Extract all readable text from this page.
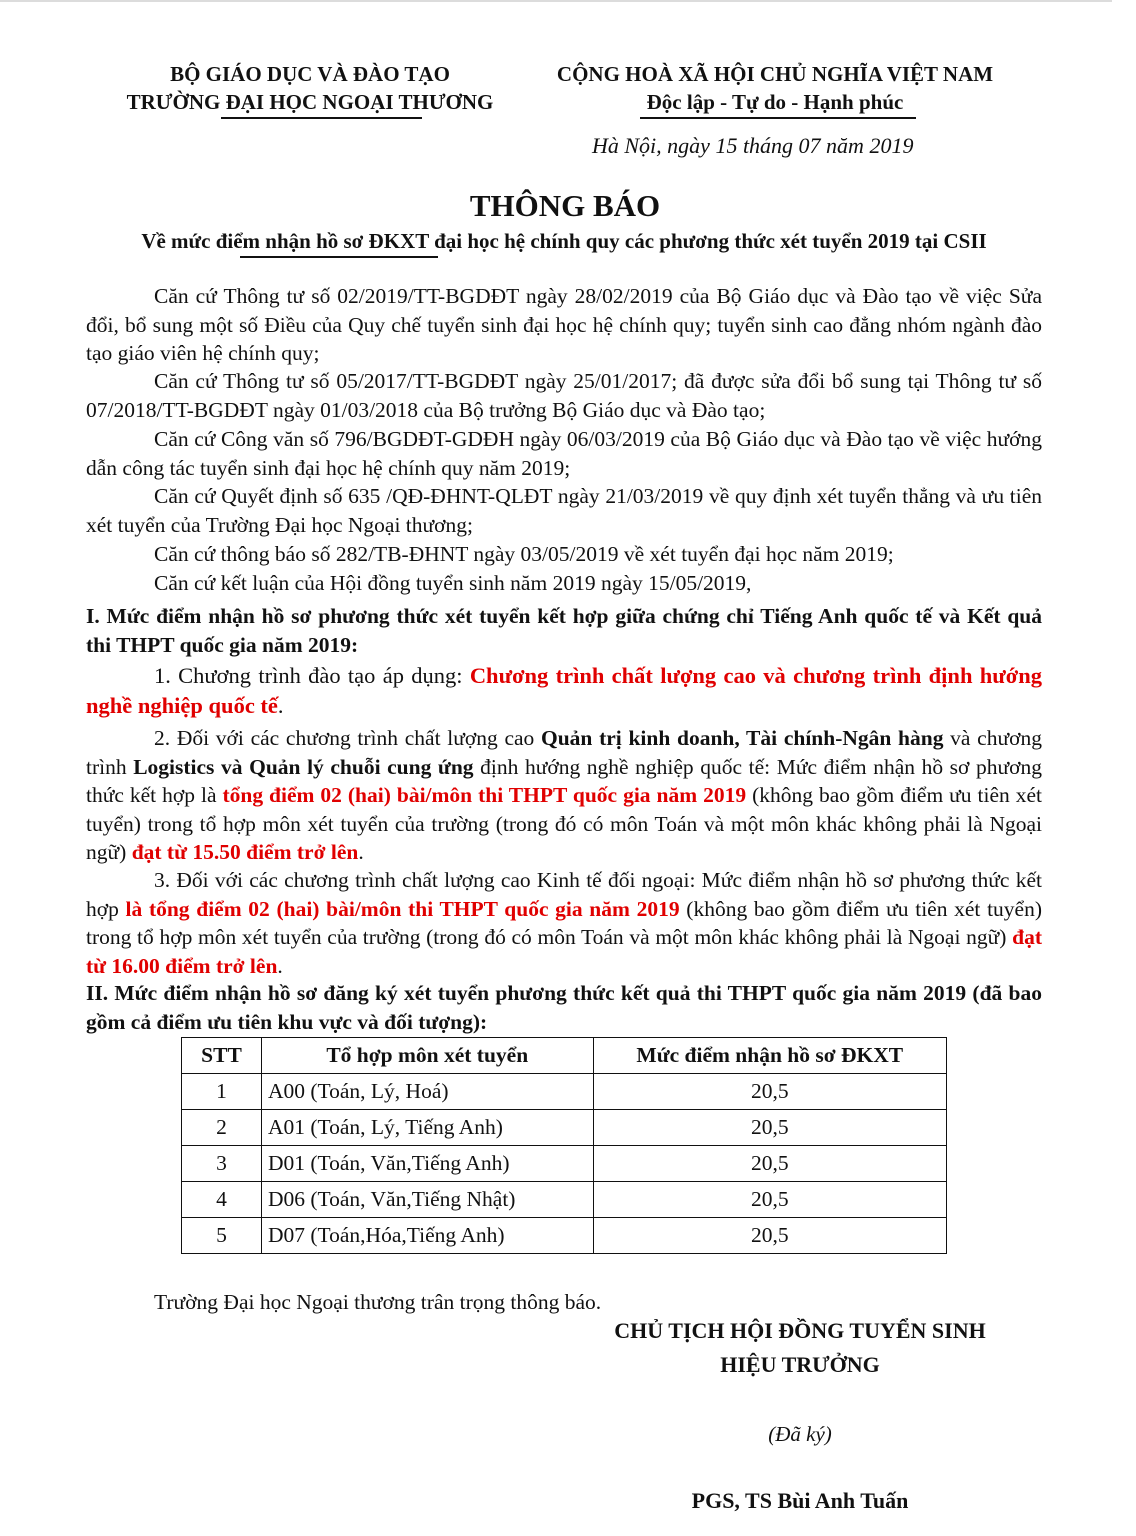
BỘ GIÁO DỤC VÀ ĐÀO TẠO
TRƯỜNG ĐẠI HỌC NGOẠI THƯƠNG
CỘNG HOÀ XÃ HỘI CHỦ NGHĨA VIỆT NAM
Độc lập - Tự do - Hạnh phúc
Hà Nội, ngày 15 tháng 07 năm 2019
THÔNG BÁO
Về mức điểm nhận hồ sơ ĐKXT đại học hệ chính quy các phương thức xét tuyển 2019 tại CSII
Căn cứ Thông tư số 02/2019/TT-BGDĐT ngày 28/02/2019 của Bộ Giáo dục và Đào tạo về việc Sửa đổi, bổ sung một số Điều của Quy chế tuyển sinh đại học hệ chính quy; tuyển sinh cao đẳng nhóm ngành đào tạo giáo viên hệ chính quy;
Căn cứ Thông tư số 05/2017/TT-BGDĐT ngày 25/01/2017; đã được sửa đổi bổ sung tại Thông tư số 07/2018/TT-BGDĐT ngày 01/03/2018 của Bộ trưởng Bộ Giáo dục và Đào tạo;
Căn cứ Công văn số 796/BGDĐT-GDĐH ngày 06/03/2019 của Bộ Giáo dục và Đào tạo về việc hướng dẫn công tác tuyển sinh đại học hệ chính quy năm 2019;
Căn cứ Quyết định số 635 /QĐ-ĐHNT-QLĐT ngày 21/03/2019 về quy định xét tuyển thẳng và ưu tiên xét tuyển của Trường Đại học Ngoại thương;
Căn cứ thông báo số 282/TB-ĐHNT ngày 03/05/2019 về xét tuyển đại học năm 2019;
Căn cứ kết luận của Hội đồng tuyển sinh năm 2019 ngày 15/05/2019,
I. Mức điểm nhận hồ sơ phương thức xét tuyển kết hợp giữa chứng chỉ Tiếng Anh quốc tế và Kết quả thi THPT quốc gia năm 2019:
1. Chương trình đào tạo áp dụng: Chương trình chất lượng cao và chương trình định hướng nghề nghiệp quốc tế.
2. Đối với các chương trình chất lượng cao Quản trị kinh doanh, Tài chính-Ngân hàng và chương trình Logistics và Quản lý chuỗi cung ứng định hướng nghề nghiệp quốc tế: Mức điểm nhận hồ sơ phương thức kết hợp là tổng điểm 02 (hai) bài/môn thi THPT quốc gia năm 2019 (không bao gồm điểm ưu tiên xét tuyển) trong tổ hợp môn xét tuyển của trường (trong đó có môn Toán và một môn khác không phải là Ngoại ngữ) đạt từ 15.50 điểm trở lên.
3. Đối với các chương trình chất lượng cao Kinh tế đối ngoại: Mức điểm nhận hồ sơ phương thức kết hợp là tổng điểm 02 (hai) bài/môn thi THPT quốc gia năm 2019 (không bao gồm điểm ưu tiên xét tuyển) trong tổ hợp môn xét tuyển của trường (trong đó có môn Toán và một môn khác không phải là Ngoại ngữ) đạt từ 16.00 điểm trở lên.
II. Mức điểm nhận hồ sơ đăng ký xét tuyển phương thức kết quả thi THPT quốc gia năm 2019 (đã bao gồm cả điểm ưu tiên khu vực và đối tượng):
STT	Tổ hợp môn xét tuyển	Mức điểm nhận hồ sơ ĐKXT
1	A00 (Toán, Lý, Hoá)	20,5
2	A01 (Toán, Lý, Tiếng Anh)	20,5
3	D01 (Toán, Văn,Tiếng Anh)	20,5
4	D06 (Toán, Văn,Tiếng Nhật)	20,5
5	D07 (Toán,Hóa,Tiếng Anh)	20,5
Trường Đại học Ngoại thương trân trọng thông báo.
CHỦ TỊCH HỘI ĐỒNG TUYỂN SINH
HIỆU TRƯỞNG
(Đã ký)
PGS, TS Bùi Anh Tuấn
